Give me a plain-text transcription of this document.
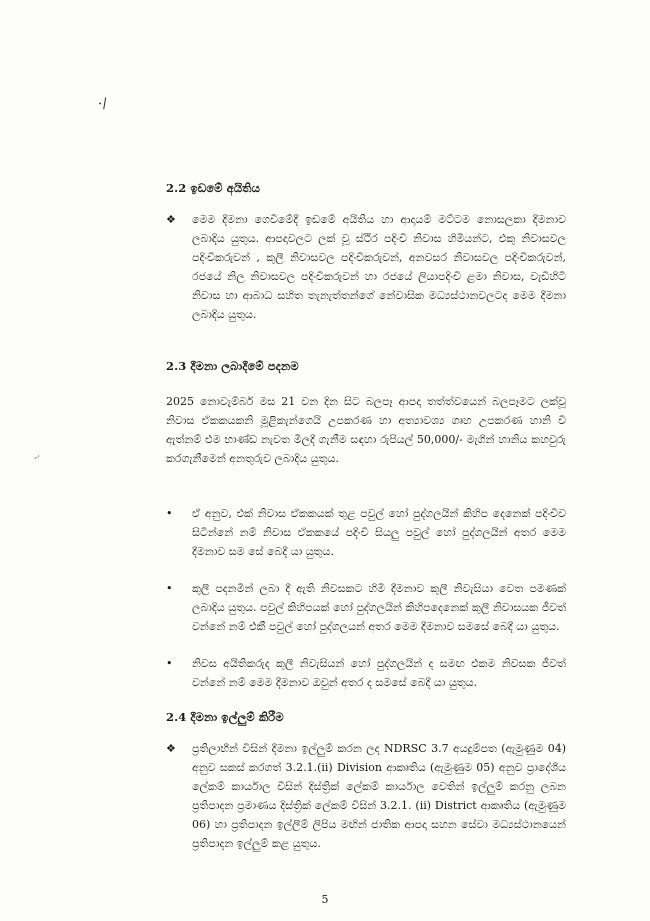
·/
2.2 ඉඩමේ අයිතිය
❖	මෙම දීමනා ගෙවීමේදී ඉඩමේ අයිතිය හා ආදායම් මට්ටම නොසලකා දීමනාව ලබාදිය යුතුය. ආපදාවලට ලක් වූ ස්ථිර පදිංචි නිවාස හිමියන්ට, එකු නිවාසවල පදිංචිකරුවන් , කුලී නිවාසවල පදිංචිකරුවන්, අනවසර නිවාසවල පදිංචිකරුවන්, රජයේ නිල නිවාසවල පදිංචිකරුවන් හා රජයේ ලියාපදිංචි ළමා නිවාස, වැඩිහිටි නිවාස හා ආබාධ සහිත තැනැත්තන්ගේ නේවාසික මධ්‍යස්ථානවලටද මෙම දීමනා ලබාදිය යුතුය.
2.3 දීමනා ලබාදීමේ පදනම
2025 නොවැම්බර් මස 21 වන දින සිට බලපෑ ආපදා තත්ත්වයෙන් බලපෑමට ලක්වූ නිවාස ඒකකයකනි මූළිකැන්ගෙයි උපකරණ හා අත්‍යාවශ්‍ය ගෘහ උපකරණ හානි වී ඇත්නම් එම භාණ්ඩ නැවත මිලදී ගැනීම සඳහා රුපියල් 50,000/- මැගින් හානිය කහවුරු කරගැනීමෙන් අනතුරුව ලබාදිය යුතුය.
•	ඒ අනුව, එක් නිවාස ඒකකයක් තුළ පවුල් හෝ පුද්ගලයින් කිහිප දෙනෙක් පදිංචිව සිටින්නේ නම් නිවාස ඒකකයේ පදිංචි සියලු පවුල් හෝ පුද්ගලයින් අතර මෙම දීමනාව සම සේ බෙදී යා යුතුය.
•	කුලී පදනමින් ලබා දී ඇති නිවසකට හිමි දීමනාව කුලී නිවැසියා වෙත පමණක් ලබාදිය යුතුය. පවුල් කිහිපයක් හෝ පුද්ගලයින් කිහිපදෙනෙක් කුලී නිවාසයක ජීවත් වන්නේ නම් එකී පවුල් හෝ පුද්ගලයන් අතර මෙම දීමනාව සමසේ බෙදී යා යුතුය.
•	නිවස අයිතිකරුද කුලී නිවැසියන් හෝ පුද්ගලයින් ද සමඟ එකම නිවසක ජීවත් වන්නේ නම් මෙම දීමනාව ඔවුන් අතර ද සමසේ බෙදී යා යුතුය.
-·
2.4 දීමනා ඉල්ලුම් කිරීම
❖	ප්‍රතිලාභීන් විසින් දීමනා ඉල්ලුම් කරන ලද NDRSC 3.7 අයදුම්පත (ඇමුණුම 04) අනුව සකස් කරගත් 3.2.1.(ii) Division ආකෘතිය (ඇමුණුම 05) අනුව ප්‍රාදේශීය ලේකම් කාර්යාල විසින් දිස්ත්‍රික් ලේකම් කාර්යාල වෙතින් ඉල්ලුම් කරනු ලබන ප්‍රතිපාදන ප්‍රමාණය දිස්ත්‍රික් ලේකම් විසින් 3.2.1. (ii) District ආකෘතිය (ඇමුණුම 06) හා ප්‍රතිපාදන ඉල්ලීම් ලිපිය මඟින් ජාතික ආපදා සහන සේවා මධ්‍යස්ථානයෙන් ප්‍රතිපාදන ඉල්ලුම් කළ යුතුය.
5
